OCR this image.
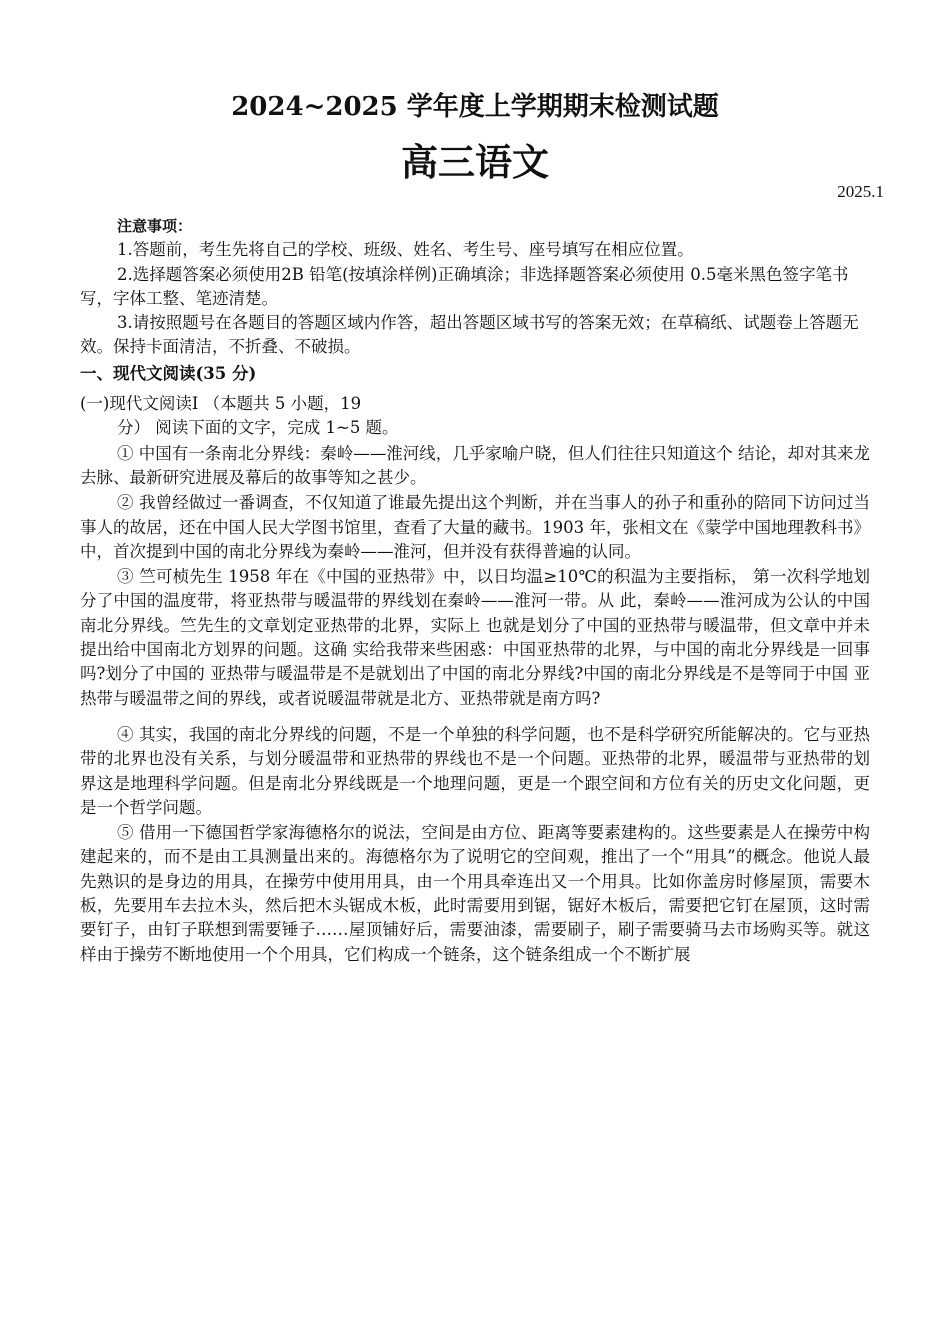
2024~2025 学年度上学期期末检测试题
高三语文
2025.1

注意事项：

1.答题前，考生先将自己的学校、班级、姓名、考生号、座号填写在相应位置。

2.选择题答案必须使用2B 铅笔(按填涂样例)正确填涂；非选择题答案必须使用 0.5毫米黑色签字笔书写，字体工整、笔迹清楚。

3.请按照题号在各题目的答题区域内作答，超出答题区域书写的答案无效；在草稿纸、试题卷上答题无效。保持卡面清洁，不折叠、不破损。

一、现代文阅读(35 分)

(一)现代文阅读Ⅰ （本题共 5 小题，19

分） 阅读下面的文字，完成 1~5 题。

① 中国有一条南北分界线：秦岭——淮河线，几乎家喻户晓，但人们往往只知道这个 结论，却对其来龙去脉、最新研究进展及幕后的故事等知之甚少。

② 我曾经做过一番调查，不仅知道了谁最先提出这个判断，并在当事人的孙子和重孙的陪同下访问过当事人的故居，还在中国人民大学图书馆里，查看了大量的藏书。1903 年，张相文在《蒙学中国地理教科书》中，首次提到中国的南北分界线为秦岭——淮河，但并没有获得普遍的认同。

③ 竺可桢先生 1958 年在《中国的亚热带》中，以日均温≥10℃的积温为主要指标， 第一次科学地划分了中国的温度带，将亚热带与暖温带的界线划在秦岭——淮河一带。从 此，秦岭——淮河成为公认的中国南北分界线。竺先生的文章划定亚热带的北界，实际上 也就是划分了中国的亚热带与暖温带，但文章中并未提出给中国南北方划界的问题。这确 实给我带来些困惑：中国亚热带的北界，与中国的南北分界线是一回事吗?划分了中国的 亚热带与暖温带是不是就划出了中国的南北分界线?中国的南北分界线是不是等同于中国 亚热带与暖温带之间的界线，或者说暖温带就是北方、亚热带就是南方吗?

④ 其实，我国的南北分界线的问题，不是一个单独的科学问题，也不是科学研究所能解决的。它与亚热带的北界也没有关系，与划分暖温带和亚热带的界线也不是一个问题。亚热带的北界，暖温带与亚热带的划界这是地理科学问题。但是南北分界线既是一个地理问题，更是一个跟空间和方位有关的历史文化问题，更是一个哲学问题。

⑤ 借用一下德国哲学家海德格尔的说法，空间是由方位、距离等要素建构的。这些要素是人在操劳中构建起来的，而不是由工具测量出来的。海德格尔为了说明它的空间观，推出了一个“用具”的概念。他说人最先熟识的是身边的用具，在操劳中使用用具，由一个用具牵连出又一个用具。比如你盖房时修屋顶，需要木板，先要用车去拉木头，然后把木头锯成木板，此时需要用到锯，锯好木板后，需要把它钉在屋顶，这时需要钉子，由钉子联想到需要锤子……屋顶铺好后，需要油漆，需要刷子，刷子需要骑马去市场购买等。就这样由于操劳不断地使用一个个用具，它们构成一个链条，这个链条组成一个不断扩展
